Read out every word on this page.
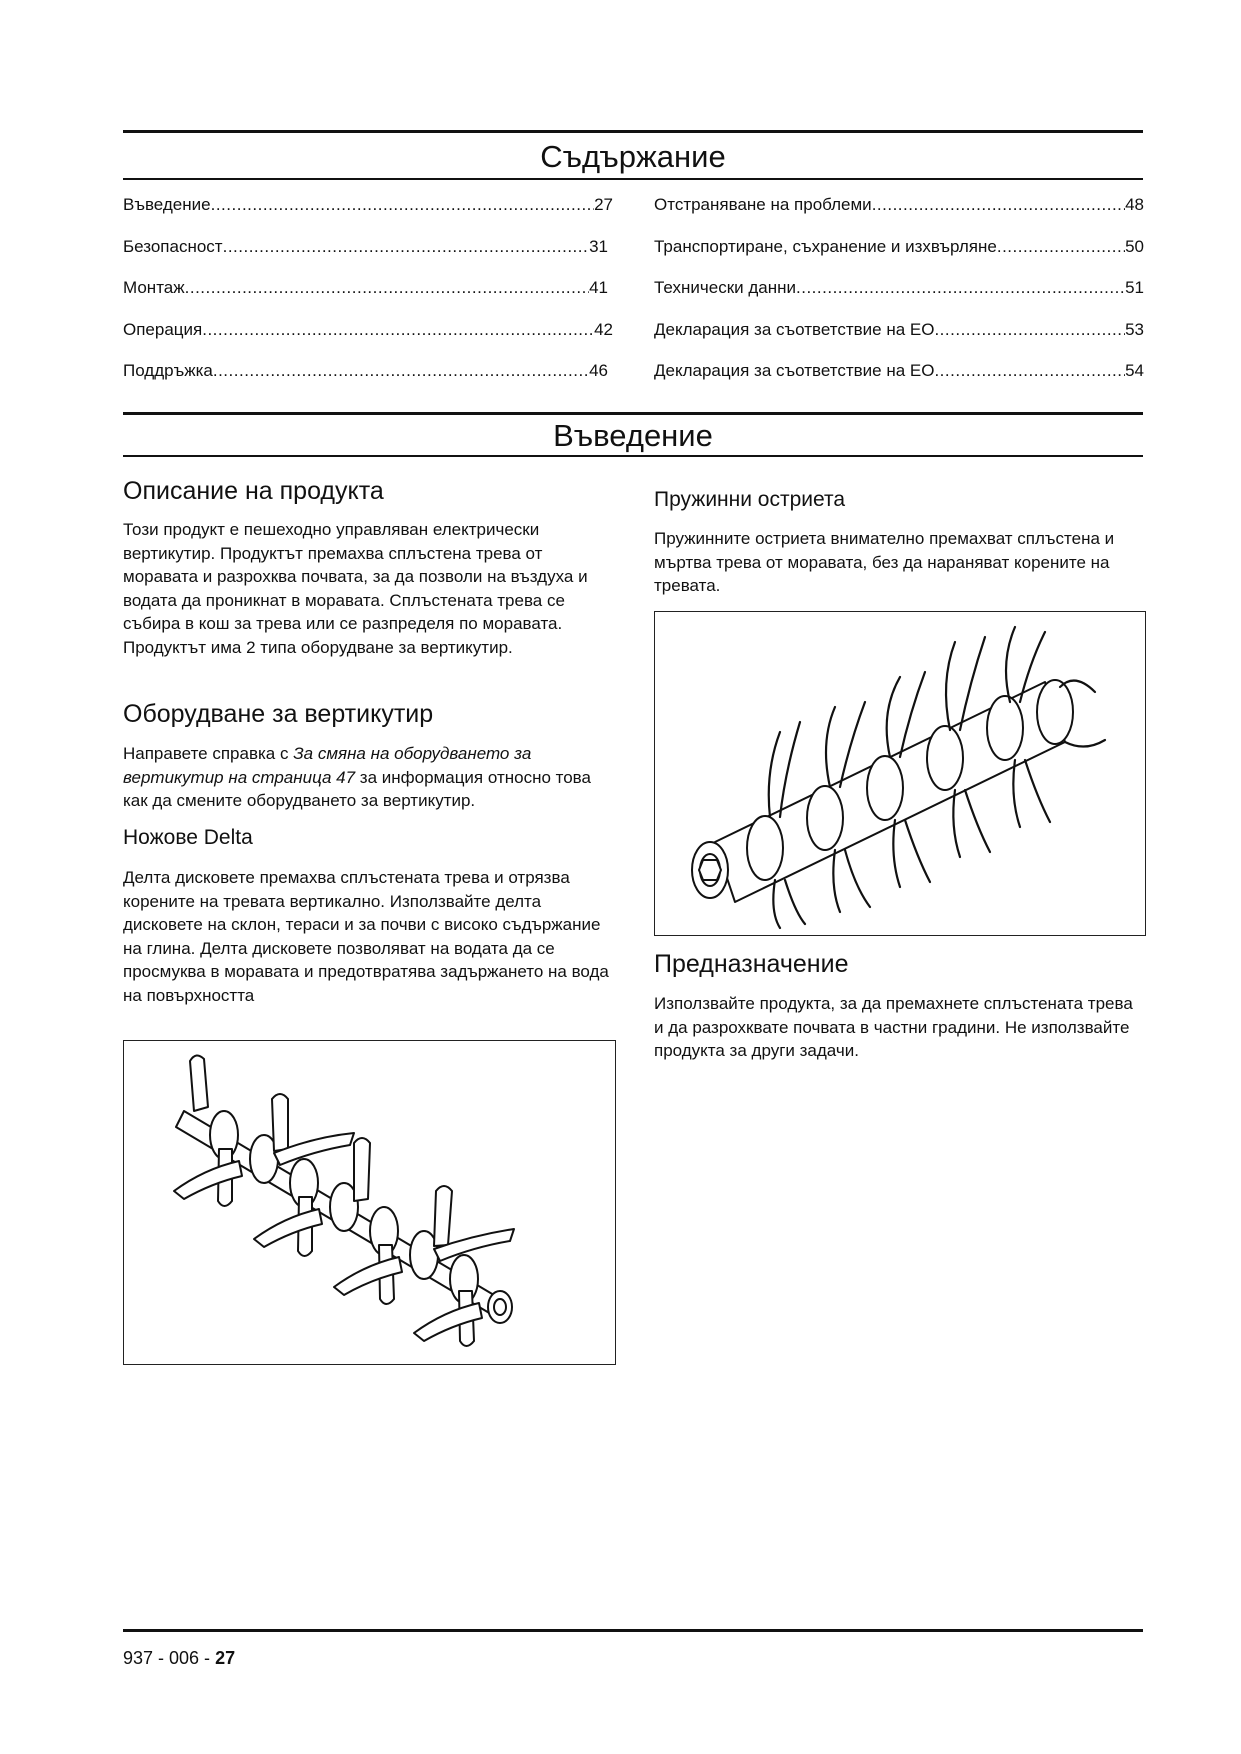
Съдържание
Въведение .....	27
Безопасност .....	31
Монтаж .....	41
Операция .....	42
Поддръжка .....	46
Отстраняване на проблеми .....	48
Транспортиране, съхранение и изхвърляне .....	50
Технически данни .....	51
Декларация за съответствие на ЕО .....	53
Декларация за съответствие на ЕО .....	54
Въведение
Описание на продукта

Този продукт е пешеходно управляван електрически вертикутир. Продуктът премахва сплъстена трева от моравата и разрохква почвата, за да позволи на въздуха и водата да проникнат в моравата. Сплъстената трева се събира в кош за трева или се разпределя по моравата. Продуктът има 2 типа оборудване за вертикутир.

Оборудване за вертикутир

Направете справка с За смяна на оборудването за вертикутир на страница 47 за информация относно това как да смените оборудването за вертикутир.

Ножове Delta

Делта дисковете премахва сплъстената трева и отрязва корените на тревата вертикално. Използвайте делта дисковете на склон, тераси и за почви с високо съдържание на глина. Делта дисковете позволяват на водата да се просмуква в моравата и предотвратява задържането на вода на повърхността

Пружинни остриета

Пружинните остриета внимателно премахват сплъстена и мъртва трева от моравата, без да нараняват корените на тревата.

Предназначение

Използвайте продукта, за да премахнете сплъстената трева и да разрохквате почвата в частни градини. Не използвайте продукта за други задачи.

937 - 006 - 27
